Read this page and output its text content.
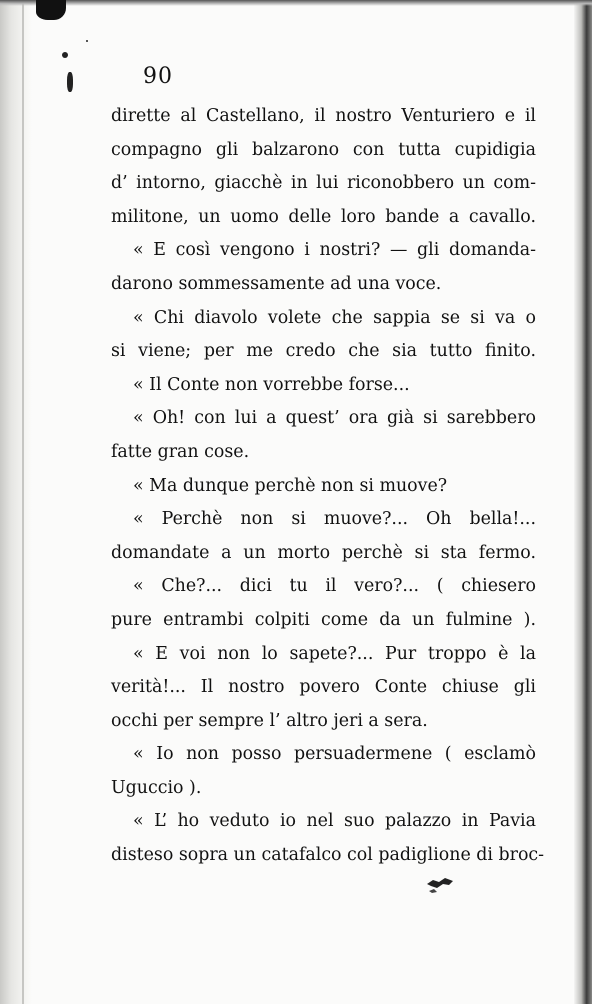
90
dirette al Castellano, il nostro Venturiero e il
compagno gli balzarono con tutta cupidigia
d’ intorno, giacchè in lui riconobbero un com-
militone, un uomo delle loro bande a cavallo.
« E così vengono i nostri? — gli domanda-
darono sommessamente ad una voce.
« Chi diavolo volete che sappia se si va o
si viene; per me credo che sia tutto finito.
« Il Conte non vorrebbe forse...
« Oh! con lui a quest’ ora già si sarebbero
fatte gran cose.
« Ma dunque perchè non si muove?
« Perchè non si muove?... Oh bella!...
domandate a un morto perchè si sta fermo.
« Che?... dici tu il vero?... ( chiesero
pure entrambi colpiti come da un fulmine ).
« E voi non lo sapete?... Pur troppo è la
verità!... Il nostro povero Conte chiuse gli
occhi per sempre l’ altro jeri a sera.
« Io non posso persuadermene ( esclamò
Uguccio ).
« L’ ho veduto io nel suo palazzo in Pavia
disteso sopra un catafalco col padiglione di broc-
